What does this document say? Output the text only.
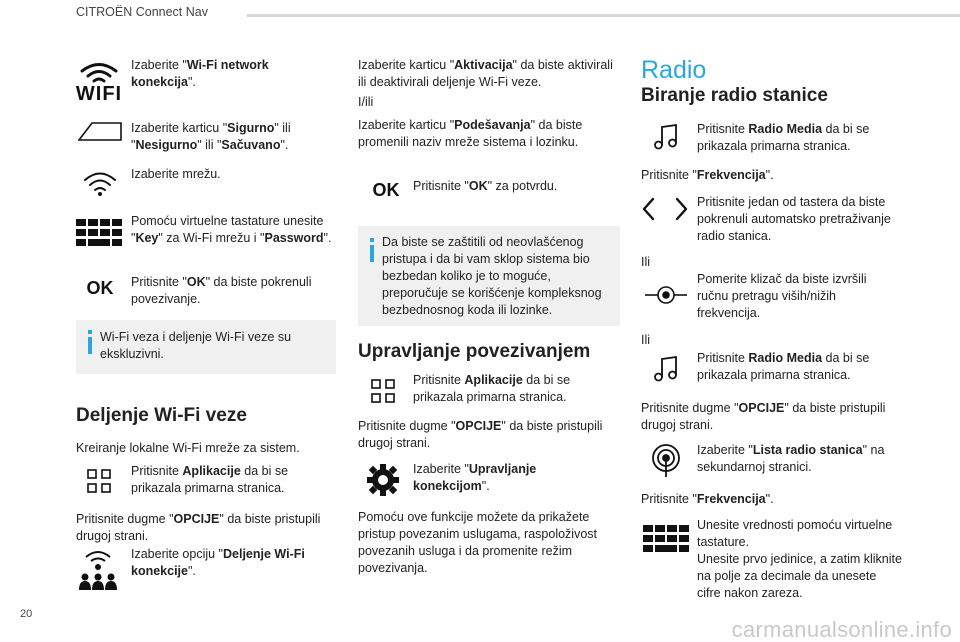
CITROËN Connect Nav
WIFI
Izaberite "Wi-Fi network konekcija".
Izaberite karticu "Sigurno" ili "Nesigurno" ili "Sačuvano".
Izaberite mrežu.
Pomoću virtuelne tastature unesite "Key" za Wi-Fi mrežu i "Password".
OK	Pritisnite "OK" da biste pokrenuli povezivanje.
Wi-Fi veza i deljenje Wi-Fi veze su ekskluzivni.
Deljenje Wi-Fi veze
Kreiranje lokalne Wi-Fi mreže za sistem.
Pritisnite Aplikacije da bi se prikazala primarna stranica.
Pritisnite dugme "OPCIJE" da biste pristupili drugoj strani.
Izaberite opciju "Deljenje Wi-Fi konekcije".
Izaberite karticu "Aktivacija" da biste aktivirali ili deaktivirali deljenje Wi-Fi veze.
I/ili
Izaberite karticu "Podešavanja" da biste promenili naziv mreže sistema i lozinku.
OK	Pritisnite "OK" za potvrdu.
Da biste se zaštitili od neovlašćenog pristupa i da bi vam sklop sistema bio bezbedan koliko je to moguće, preporučuje se korišćenje kompleksnog bezbednosnog koda ili lozinke.
Upravljanje povezivanjem
Pritisnite Aplikacije da bi se prikazala primarna stranica.
Pritisnite dugme "OPCIJE" da biste pristupili drugoj strani.
Izaberite "Upravljanje konekcijom".
Pomoću ove funkcije možete da prikažete pristup povezanim uslugama, raspoloživost povezanih usluga i da promenite režim povezivanja.
Radio
Biranje radio stanice
Pritisnite Radio Media da bi se prikazala primarna stranica.
Pritisnite "Frekvencija".
Pritisnite jedan od tastera da biste pokrenuli automatsko pretraživanje radio stanica.
Ili
Pomerite klizač da biste izvršili ručnu pretragu viših/nižih frekvencija.
Ili
Pritisnite Radio Media da bi se prikazala primarna stranica.
Pritisnite dugme "OPCIJE" da biste pristupili drugoj strani.
Izaberite "Lista radio stanica" na sekundarnoj stranici.
Pritisnite "Frekvencija".
Unesite vrednosti pomoću virtuelne tastature.
Unesite prvo jedinice, a zatim kliknite na polje za decimale da unesete cifre nakon zareza.
20
carmanualsonline.info
